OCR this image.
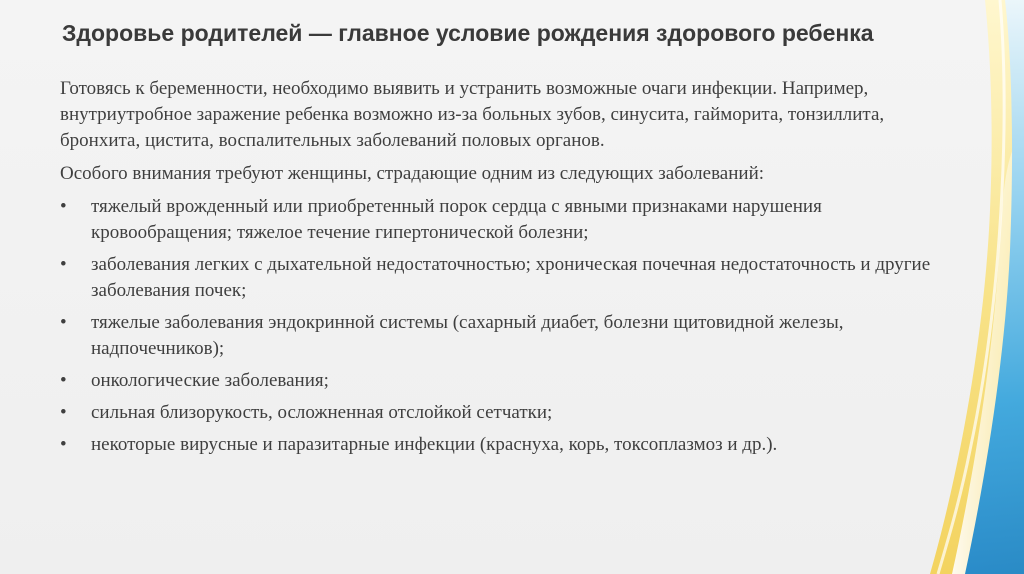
Здоровье родителей — главное условие рождения здорового ребенка

Готовясь к беременности, необходимо выявить и устранить возможные очаги инфекции. Например, внутриутробное заражение ребенка возможно из-за больных зубов, синусита, гайморита, тонзиллита, бронхита, цистита, воспалительных заболеваний половых органов.

Особого внимания требуют женщины, страдающие одним из следующих заболеваний:

• тяжелый врожденный или приобретенный порок сердца с явными признаками нарушения кровообращения; тяжелое течение гипертонической болезни;
• заболевания легких с дыхательной недостаточностью; хроническая почечная недостаточность и другие заболевания почек;
• тяжелые заболевания эндокринной системы (сахарный диабет, болезни щитовидной железы, надпочечников);
• онкологические заболевания;
• сильная близорукость, осложненная отслойкой сетчатки;
• некоторые вирусные и паразитарные инфекции (краснуха, корь, токсоплазмоз и др.).
